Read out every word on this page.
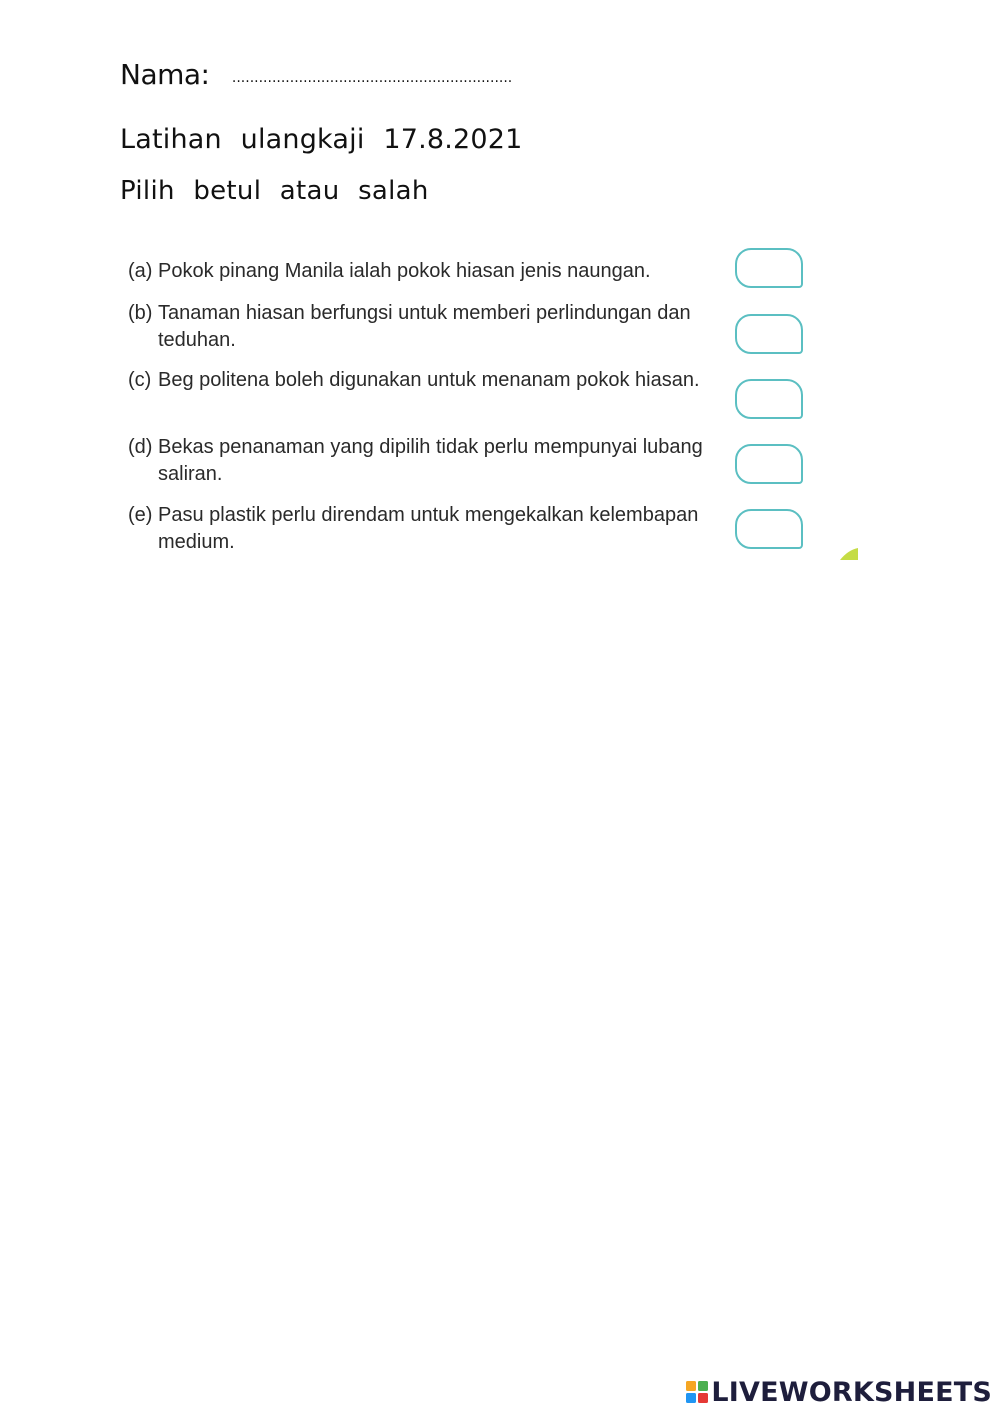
Nama: ...............................................................
Latihan ulangkaji 17.8.2021
Pilih betul atau salah
(a) Pokok pinang Manila ialah pokok hiasan jenis naungan.
(b) Tanaman hiasan berfungsi untuk memberi perlindungan dan teduhan.
(c) Beg politena boleh digunakan untuk menanam pokok hiasan.
(d) Bekas penanaman yang dipilih tidak perlu mempunyai lubang saliran.
(e) Pasu plastik perlu direndam untuk mengekalkan kelembapan medium.
LIVEWORKSHEETS
